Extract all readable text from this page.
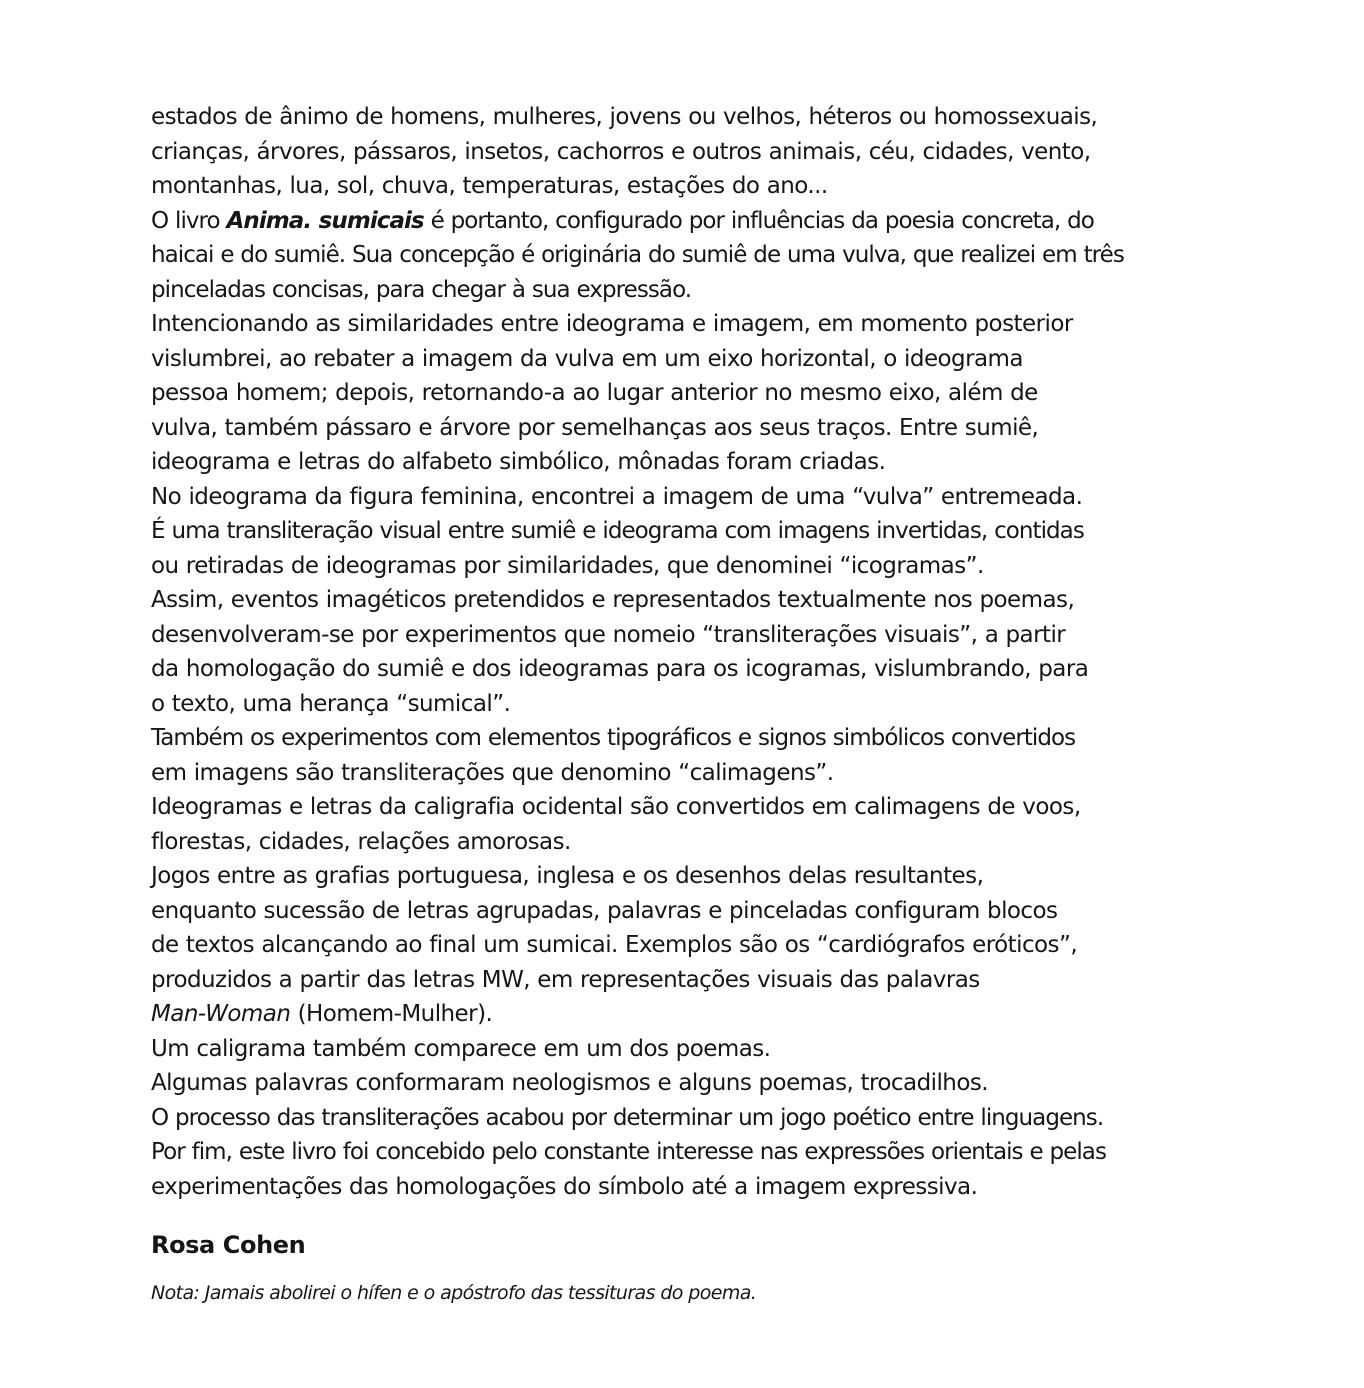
estados de ânimo de homens, mulheres, jovens ou velhos, héteros ou homossexuais,
crianças, árvores, pássaros, insetos, cachorros e outros animais, céu, cidades, vento,
montanhas, lua, sol, chuva, temperaturas, estações do ano...
O livro Anima. sumicais é portanto, configurado por influências da poesia concreta, do
haicai e do sumiê. Sua concepção é originária do sumiê de uma vulva, que realizei em três
pinceladas concisas, para chegar à sua expressão.
Intencionando as similaridades entre ideograma e imagem, em momento posterior
vislumbrei, ao rebater a imagem da vulva em um eixo horizontal, o ideograma
pessoa homem; depois, retornando-a ao lugar anterior no mesmo eixo, além de
vulva, também pássaro e árvore por semelhanças aos seus traços. Entre sumiê,
ideograma e letras do alfabeto simbólico, mônadas foram criadas.
No ideograma da figura feminina, encontrei a imagem de uma “vulva” entremeada.
É uma transliteração visual entre sumiê e ideograma com imagens invertidas, contidas
ou retiradas de ideogramas por similaridades, que denominei “icogramas”.
Assim, eventos imagéticos pretendidos e representados textualmente nos poemas,
desenvolveram-se por experimentos que nomeio “transliterações visuais”, a partir
da homologação do sumiê e dos ideogramas para os icogramas, vislumbrando, para
o texto, uma herança “sumical”.
Também os experimentos com elementos tipográficos e signos simbólicos convertidos
em imagens são transliterações que denomino “calimagens”.
Ideogramas e letras da caligrafia ocidental são convertidos em calimagens de voos,
florestas, cidades, relações amorosas.
Jogos entre as grafias portuguesa, inglesa e os desenhos delas resultantes,
enquanto sucessão de letras agrupadas, palavras e pinceladas configuram blocos
de textos alcançando ao final um sumicai. Exemplos são os “cardiógrafos eróticos”,
produzidos a partir das letras MW, em representações visuais das palavras
Man-Woman (Homem-Mulher).
Um caligrama também comparece em um dos poemas.
Algumas palavras conformaram neologismos e alguns poemas, trocadilhos.
O processo das transliterações acabou por determinar um jogo poético entre linguagens.
Por fim, este livro foi concebido pelo constante interesse nas expressões orientais e pelas
experimentações das homologações do símbolo até a imagem expressiva.
Rosa Cohen
Nota: Jamais abolirei o hífen e o apóstrofo das tessituras do poema.
